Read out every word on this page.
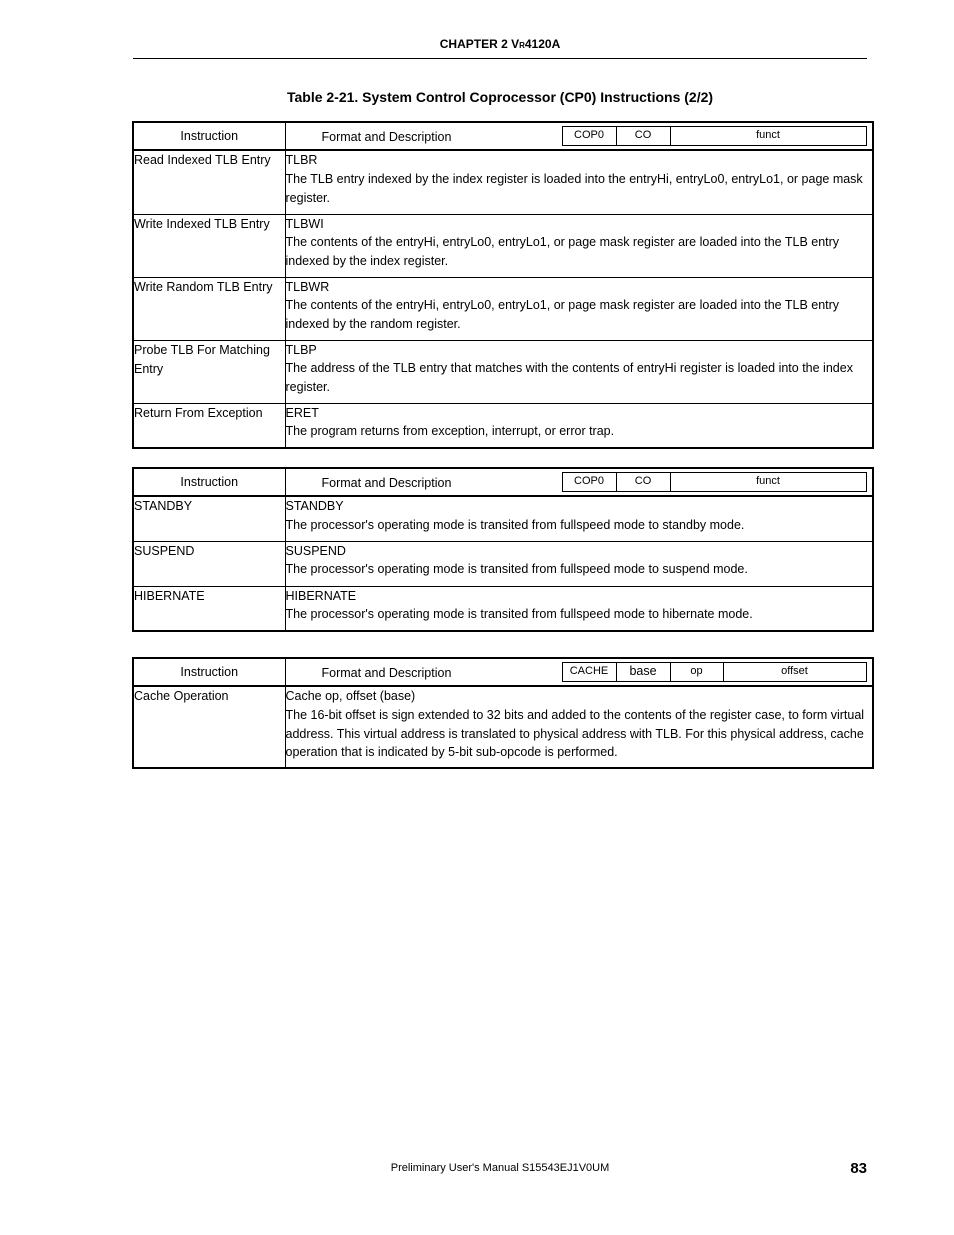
CHAPTER 2 VR4120A
Table 2-21. System Control Coprocessor (CP0) Instructions (2/2)
Instruction	Format and Description COP0 CO funct

Read Indexed TLB Entry	TLBR
The TLB entry indexed by the index register is loaded into the entryHi, entryLo0, entryLo1, or page mask register.
Write Indexed TLB Entry	TLBWI
The contents of the entryHi, entryLo0, entryLo1, or page mask register are loaded into the TLB entry indexed by the index register.
Write Random TLB Entry	TLBWR
The contents of the entryHi, entryLo0, entryLo1, or page mask register are loaded into the TLB entry indexed by the random register.
Probe TLB For Matching Entry	TLBP
The address of the TLB entry that matches with the contents of entryHi register is loaded into the index register.
Return From Exception	ERET
The program returns from exception, interrupt, or error trap.
Instruction	Format and Description COP0 CO funct

STANDBY	STANDBY
The processor's operating mode is transited from fullspeed mode to standby mode.
SUSPEND	SUSPEND
The processor's operating mode is transited from fullspeed mode to suspend mode.
HIBERNATE	HIBERNATE
The processor's operating mode is transited from fullspeed mode to hibernate mode.
Instruction	Format and Description CACHE base op offset

Cache Operation	Cache op, offset (base)
The 16-bit offset is sign extended to 32 bits and added to the contents of the register case, to form virtual address. This virtual address is translated to physical address with TLB. For this physical address, cache operation that is indicated by 5-bit sub-opcode is performed.
Preliminary User's Manual S15543EJ1V0UM	83
